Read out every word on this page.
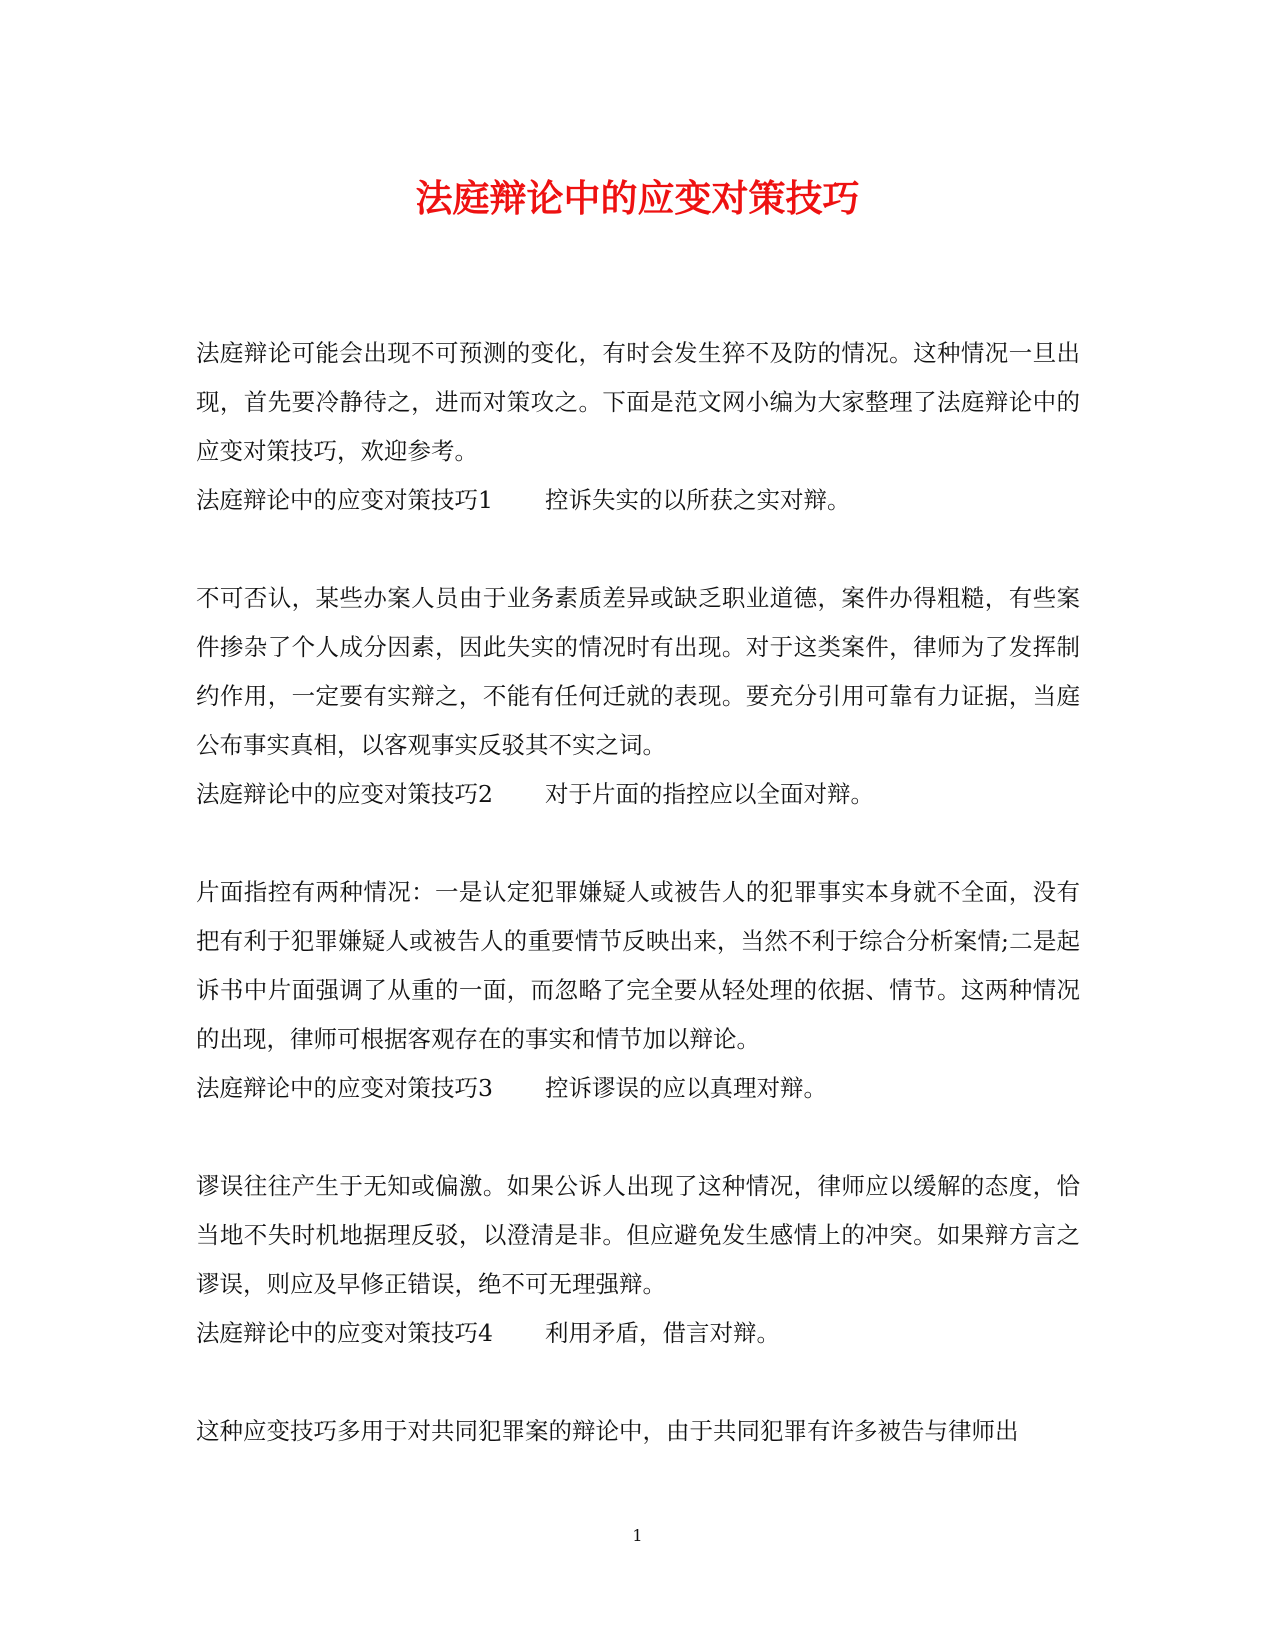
法庭辩论中的应变对策技巧

法庭辩论可能会出现不可预测的变化，有时会发生猝不及防的情况。这种情况一旦出现，首先要冷静待之，进而对策攻之。下面是范文网小编为大家整理了法庭辩论中的应变对策技巧，欢迎参考。

法庭辩论中的应变对策技巧1 控诉失实的以所获之实对辩。

不可否认，某些办案人员由于业务素质差异或缺乏职业道德，案件办得粗糙，有些案件掺杂了个人成分因素，因此失实的情况时有出现。对于这类案件，律师为了发挥制约作用，一定要有实辩之，不能有任何迁就的表现。要充分引用可靠有力证据，当庭公布事实真相，以客观事实反驳其不实之词。

法庭辩论中的应变对策技巧2 对于片面的指控应以全面对辩。

片面指控有两种情况：一是认定犯罪嫌疑人或被告人的犯罪事实本身就不全面，没有把有利于犯罪嫌疑人或被告人的重要情节反映出来，当然不利于综合分析案情;二是起诉书中片面强调了从重的一面，而忽略了完全要从轻处理的依据、情节。这两种情况的出现，律师可根据客观存在的事实和情节加以辩论。

法庭辩论中的应变对策技巧3 控诉谬误的应以真理对辩。

谬误往往产生于无知或偏激。如果公诉人出现了这种情况，律师应以缓解的态度，恰当地不失时机地据理反驳，以澄清是非。但应避免发生感情上的冲突。如果辩方言之谬误，则应及早修正错误，绝不可无理强辩。

法庭辩论中的应变对策技巧4 利用矛盾，借言对辩。

这种应变技巧多用于对共同犯罪案的辩论中，由于共同犯罪有许多被告与律师出

1
